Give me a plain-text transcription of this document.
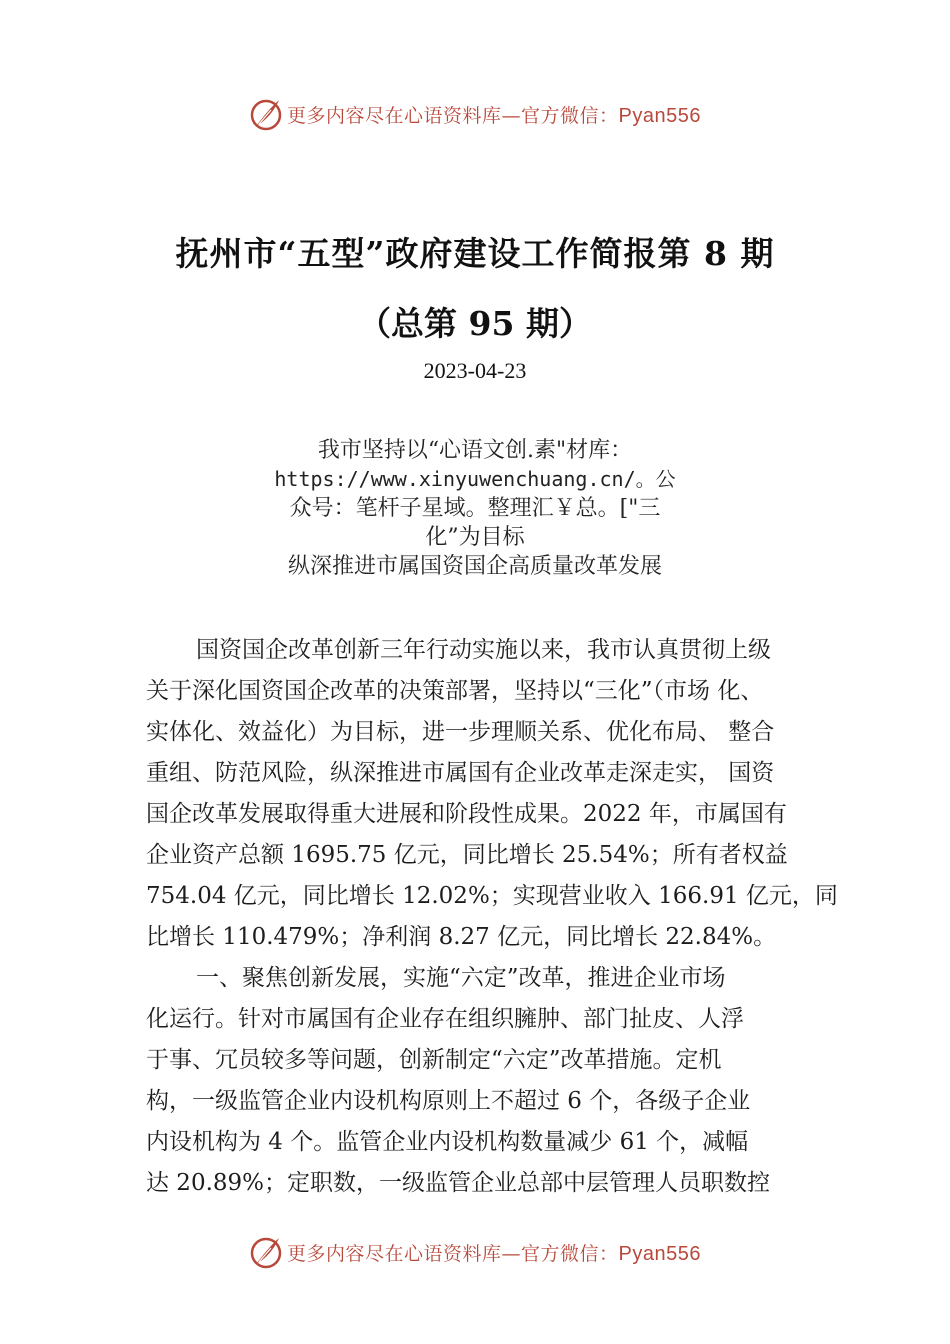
更多内容尽在心语资料库—官方微信：Pyan556
抚州市“五型”政府建设工作简报第 8 期
（总第 95 期）
2023-04-23
我市坚持以“心语文创.素"材库：
https://www.xinyuwenchuang.cn/。公
众号：笔杆子星域。整理汇￥总。["三
化”为目标
纵深推进市属国资国企高质量改革发展
国资国企改革创新三年行动实施以来，我市认真贯彻上级
关于深化国资国企改革的决策部署，坚持以“三化”（市场 化、
实体化、效益化）为目标，进一步理顺关系、优化布局、 整合
重组、防范风险，纵深推进市属国有企业改革走深走实， 国资
国企改革发展取得重大进展和阶段性成果。2022 年，市属国有
企业资产总额 1695.75 亿元，同比增长 25.54%；所有者权益
754.04 亿元，同比增长 12.02%；实现营业收入 166.91 亿元，同
比增长 110.479%；净利润 8.27 亿元，同比增长 22.84%。
一、聚焦创新发展，实施“六定”改革，推进企业市场
化运行。针对市属国有企业存在组织臃肿、部门扯皮、人浮
于事、冗员较多等问题，创新制定“六定”改革措施。定机
构，一级监管企业内设机构原则上不超过 6 个，各级子企业
内设机构为 4 个。监管企业内设机构数量减少 61 个，减幅
达 20.89%；定职数，一级监管企业总部中层管理人员职数控
更多内容尽在心语资料库—官方微信：Pyan556
